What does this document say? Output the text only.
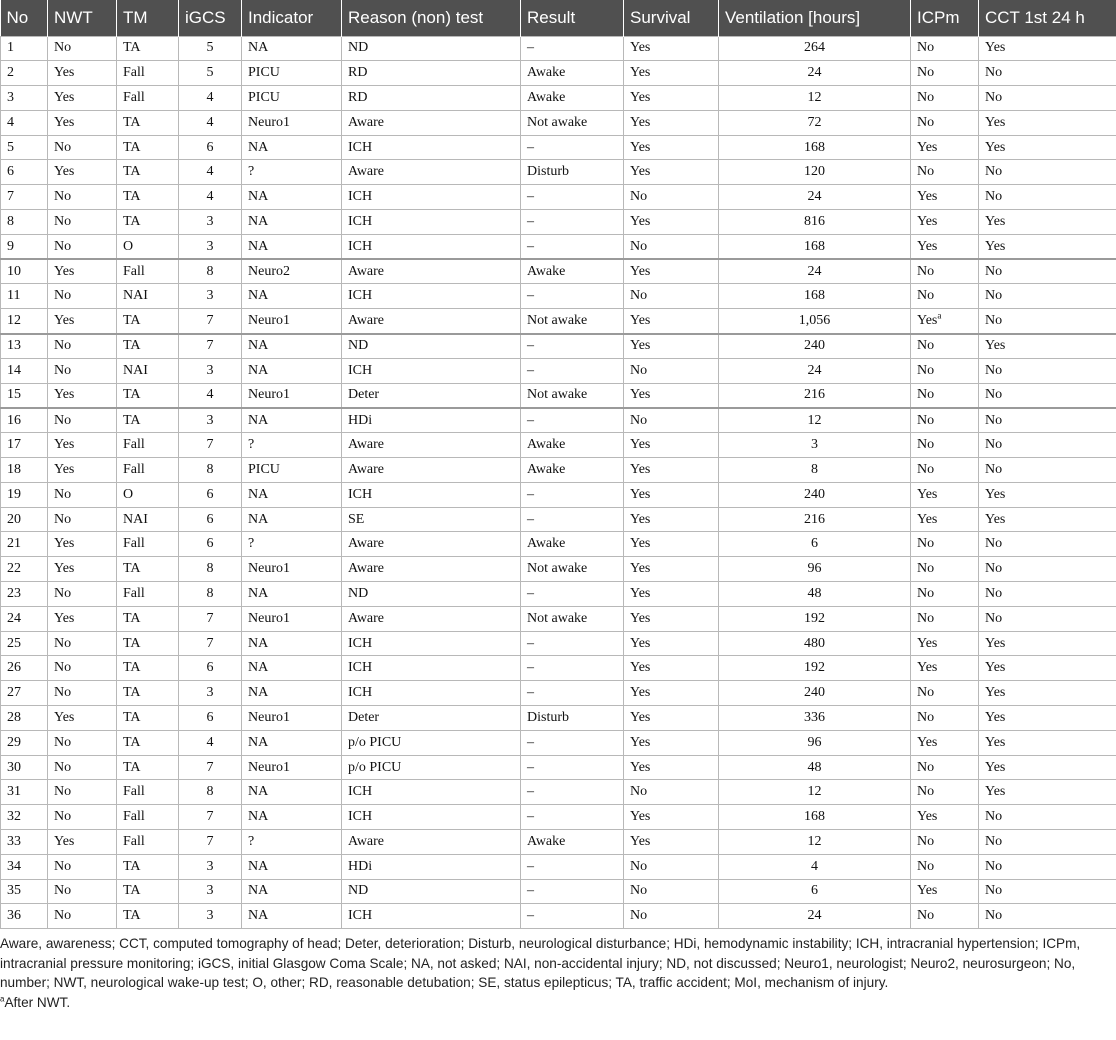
No	NWT	TM	iGCS	Indicator	Reason (non) test	Result	Survival	Ventilation [hours]	ICPm	CCT 1st 24 h
1	No	TA	5	NA	ND	–	Yes	264	No	Yes
2	Yes	Fall	5	PICU	RD	Awake	Yes	24	No	No
3	Yes	Fall	4	PICU	RD	Awake	Yes	12	No	No
4	Yes	TA	4	Neuro1	Aware	Not awake	Yes	72	No	Yes
5	No	TA	6	NA	ICH	–	Yes	168	Yes	Yes
6	Yes	TA	4	?	Aware	Disturb	Yes	120	No	No
7	No	TA	4	NA	ICH	–	No	24	Yes	No
8	No	TA	3	NA	ICH	–	Yes	816	Yes	Yes
9	No	O	3	NA	ICH	–	No	168	Yes	Yes
10	Yes	Fall	8	Neuro2	Aware	Awake	Yes	24	No	No
11	No	NAI	3	NA	ICH	–	No	168	No	No
12	Yes	TA	7	Neuro1	Aware	Not awake	Yes	1,056	Yes$^a$	No
13	No	TA	7	NA	ND	–	Yes	240	No	Yes
14	No	NAI	3	NA	ICH	–	No	24	No	No
15	Yes	TA	4	Neuro1	Deter	Not awake	Yes	216	No	No
16	No	TA	3	NA	HDi	–	No	12	No	No
17	Yes	Fall	7	?	Aware	Awake	Yes	3	No	No
18	Yes	Fall	8	PICU	Aware	Awake	Yes	8	No	No
19	No	O	6	NA	ICH	–	Yes	240	Yes	Yes
20	No	NAI	6	NA	SE	–	Yes	216	Yes	Yes
21	Yes	Fall	6	?	Aware	Awake	Yes	6	No	No
22	Yes	TA	8	Neuro1	Aware	Not awake	Yes	96	No	No
23	No	Fall	8	NA	ND	–	Yes	48	No	No
24	Yes	TA	7	Neuro1	Aware	Not awake	Yes	192	No	No
25	No	TA	7	NA	ICH	–	Yes	480	Yes	Yes
26	No	TA	6	NA	ICH	–	Yes	192	Yes	Yes
27	No	TA	3	NA	ICH	–	Yes	240	No	Yes
28	Yes	TA	6	Neuro1	Deter	Disturb	Yes	336	No	Yes
29	No	TA	4	NA	p/o PICU	–	Yes	96	Yes	Yes
30	No	TA	7	Neuro1	p/o PICU	–	Yes	48	No	Yes
31	No	Fall	8	NA	ICH	–	No	12	No	Yes
32	No	Fall	7	NA	ICH	–	Yes	168	Yes	No
33	Yes	Fall	7	?	Aware	Awake	Yes	12	No	No
34	No	TA	3	NA	HDi	–	No	4	No	No
35	No	TA	3	NA	ND	–	No	6	Yes	No
36	No	TA	3	NA	ICH	–	No	24	No	No

Aware, awareness; CCT, computed tomography of head; Deter, deterioration; Disturb, neurological disturbance; HDi, hemodynamic instability; ICH, intracranial hypertension; ICPm, intracranial pressure monitoring; iGCS, initial Glasgow Coma Scale; NA, not asked; NAI, non-accidental injury; ND, not discussed; Neuro1, neurologist; Neuro2, neurosurgeon; No, number; NWT, neurological wake-up test; O, other; RD, reasonable detubation; SE, status epilepticus; TA, traffic accident; MoI, mechanism of injury.

$^a$After NWT.
